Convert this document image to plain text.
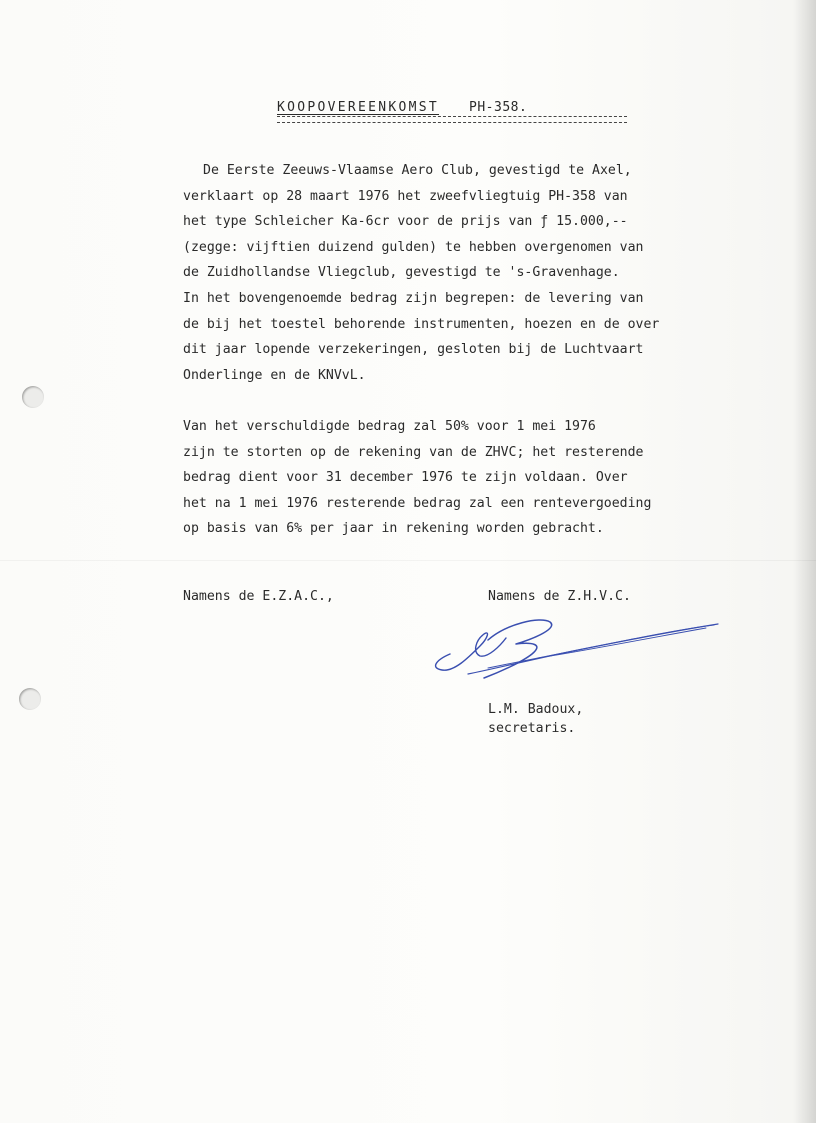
KOOPOVEREENKOMST PH-358.
De Eerste Zeeuws-Vlaamse Aero Club, gevestigd te Axel,
verklaart op 28 maart 1976 het zweefvliegtuig PH-358 van
het type Schleicher Ka-6cr voor de prijs van ƒ 15.000,--
(zegge: vijftien duizend gulden) te hebben overgenomen van
de Zuidhollandse Vliegclub, gevestigd te 's-Gravenhage.
In het bovengenoemde bedrag zijn begrepen: de levering van
de bij het toestel behorende instrumenten, hoezen en de over
dit jaar lopende verzekeringen, gesloten bij de Luchtvaart
Onderlinge en de KNVvL.
Van het verschuldigde bedrag zal 50% voor 1 mei 1976
zijn te storten op de rekening van de ZHVC; het resterende
bedrag dient voor 31 december 1976 te zijn voldaan. Over
het na 1 mei 1976 resterende bedrag zal een rentevergoeding
op basis van 6% per jaar in rekening worden gebracht.
Namens de E.Z.A.C.,	Namens de Z.H.V.C.
L.M. Badoux,
secretaris.
